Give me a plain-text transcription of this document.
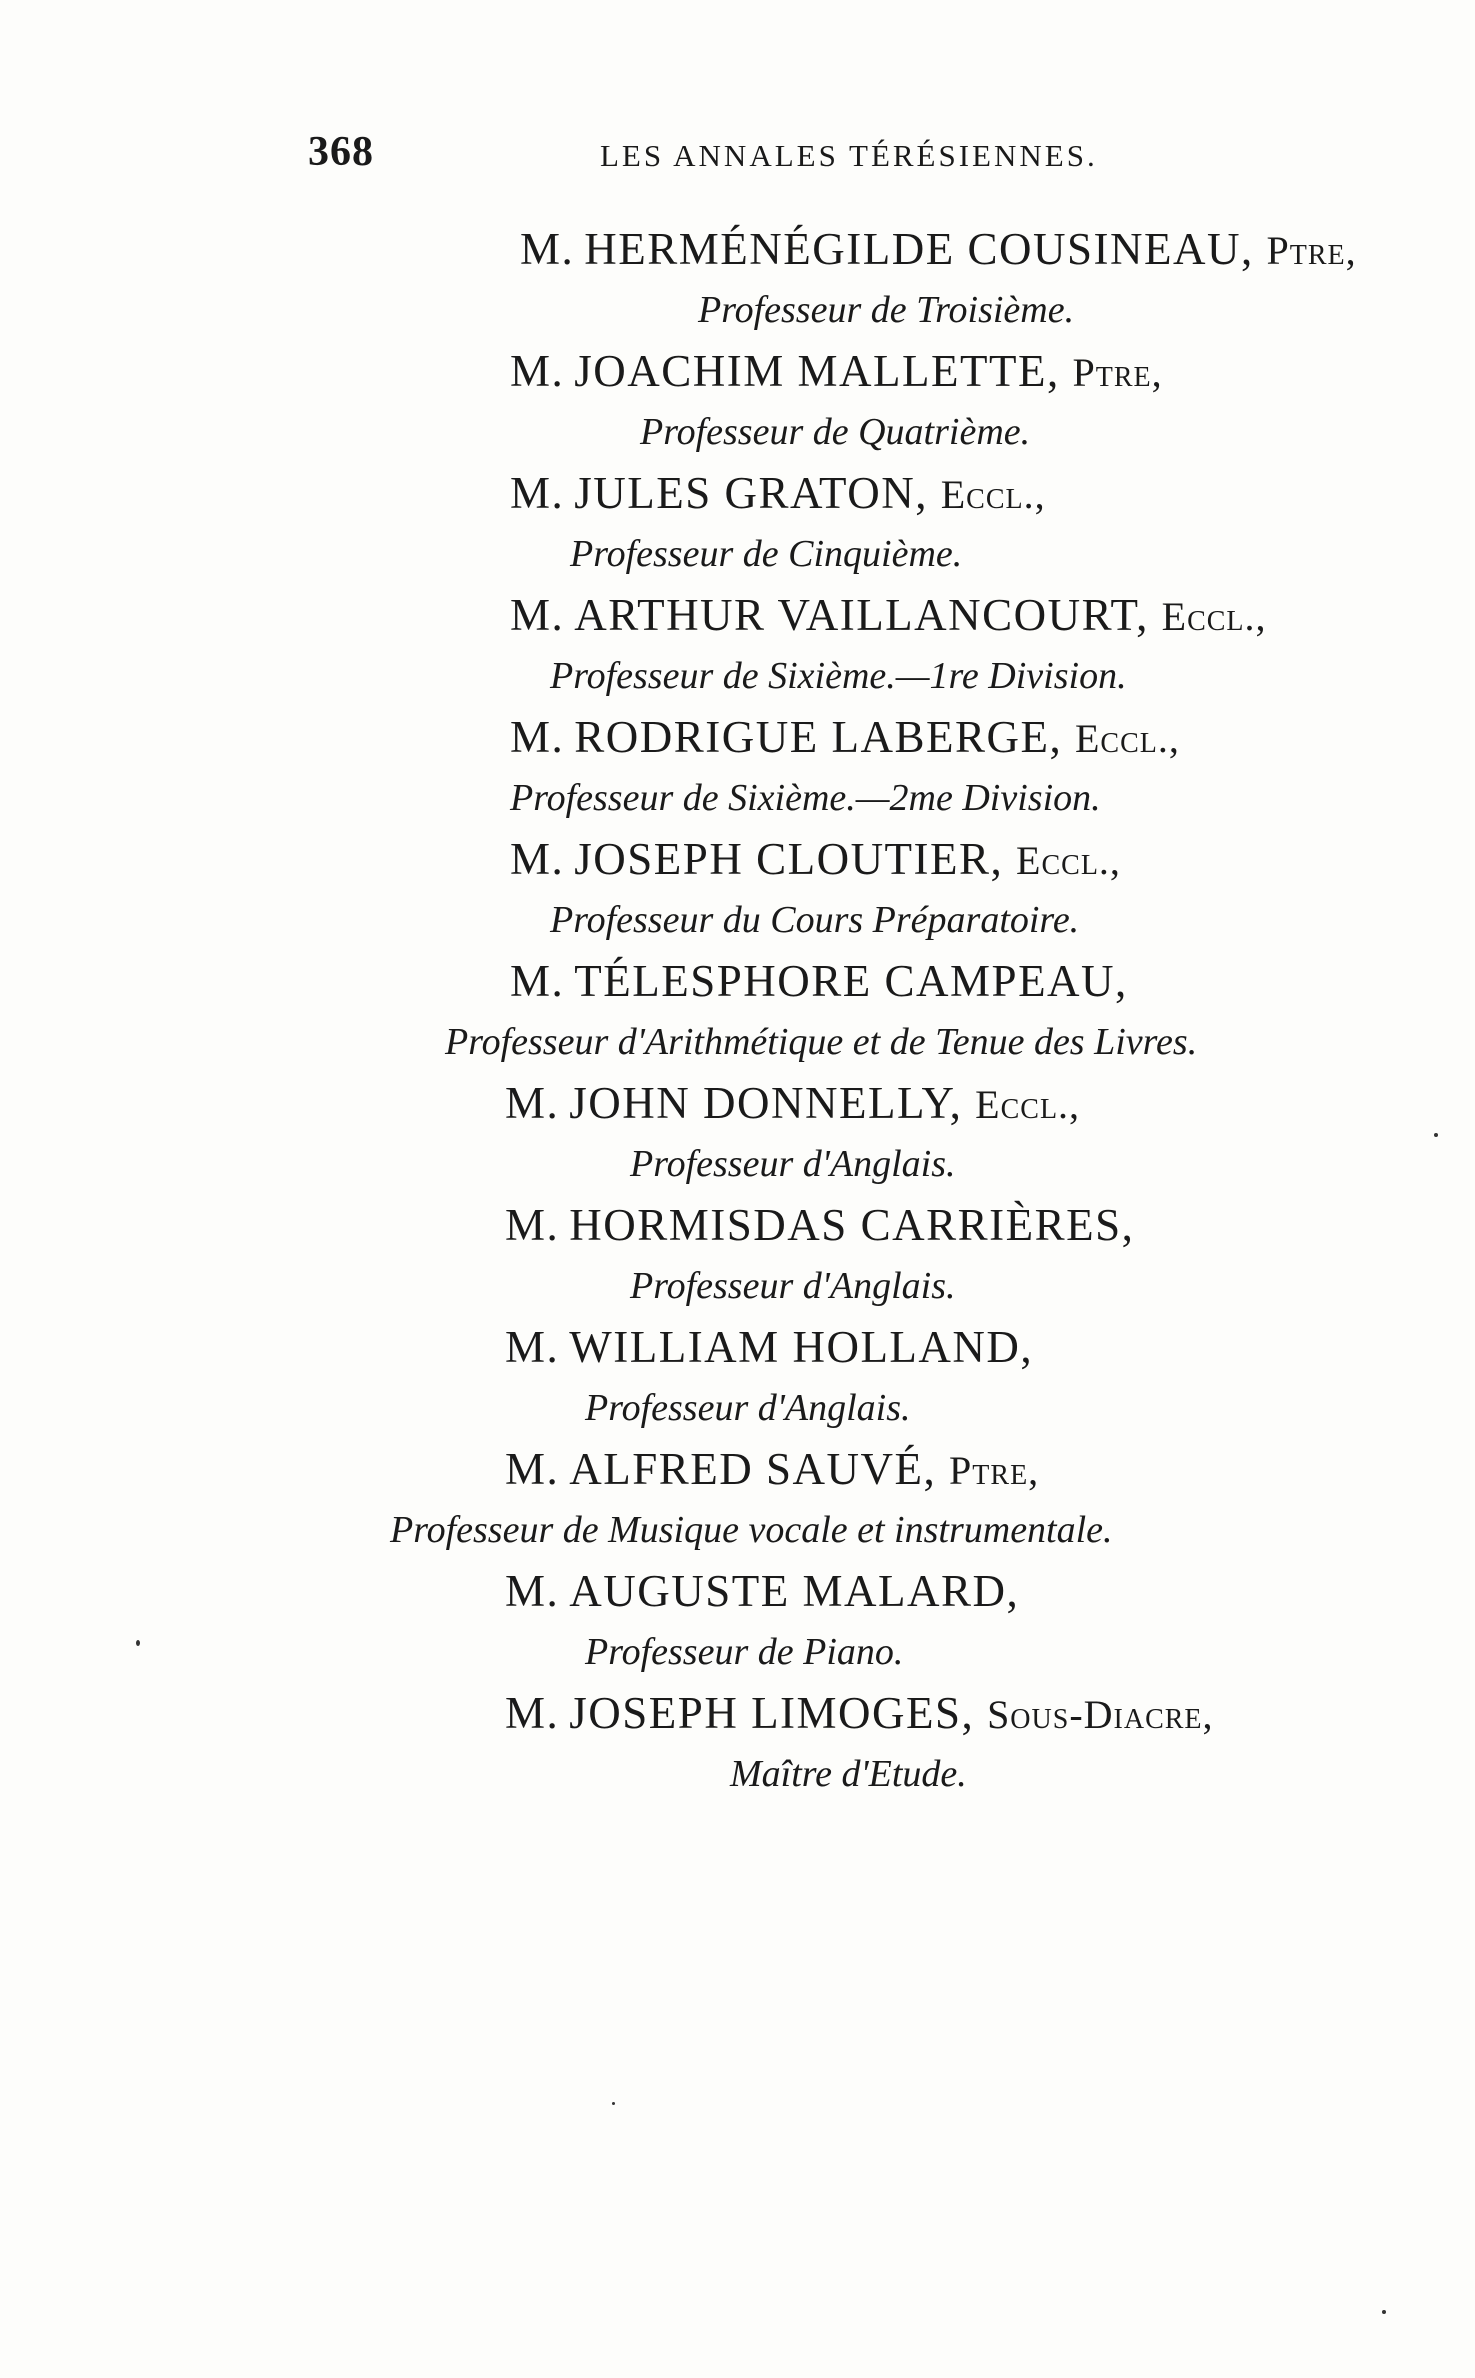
368	LES ANNALES TÉRÉSIENNES.
M. HERMÉNÉGILDE COUSINEAU, Ptre,
Professeur de Troisième.
M. JOACHIM MALLETTE, Ptre,
Professeur de Quatrième.
M. JULES GRATON, Eccl.,
Professeur de Cinquième.
M. ARTHUR VAILLANCOURT, Eccl.,
Professeur de Sixième.—1re Division.
M. RODRIGUE LABERGE, Eccl.,
Professeur de Sixième.—2me Division.
M. JOSEPH CLOUTIER, Eccl.,
Professeur du Cours Préparatoire.
M. TÉLESPHORE CAMPEAU,
Professeur d'Arithmétique et de Tenue des Livres.
M. JOHN DONNELLY, Eccl.,
Professeur d'Anglais.
M. HORMISDAS CARRIÈRES,
Professeur d'Anglais.
M. WILLIAM HOLLAND,
Professeur d'Anglais.
M. ALFRED SAUVÉ, Ptre,
Professeur de Musique vocale et instrumentale.
M. AUGUSTE MALARD,
Professeur de Piano.
M. JOSEPH LIMOGES, Sous-Diacre,
Maître d'Etude.
